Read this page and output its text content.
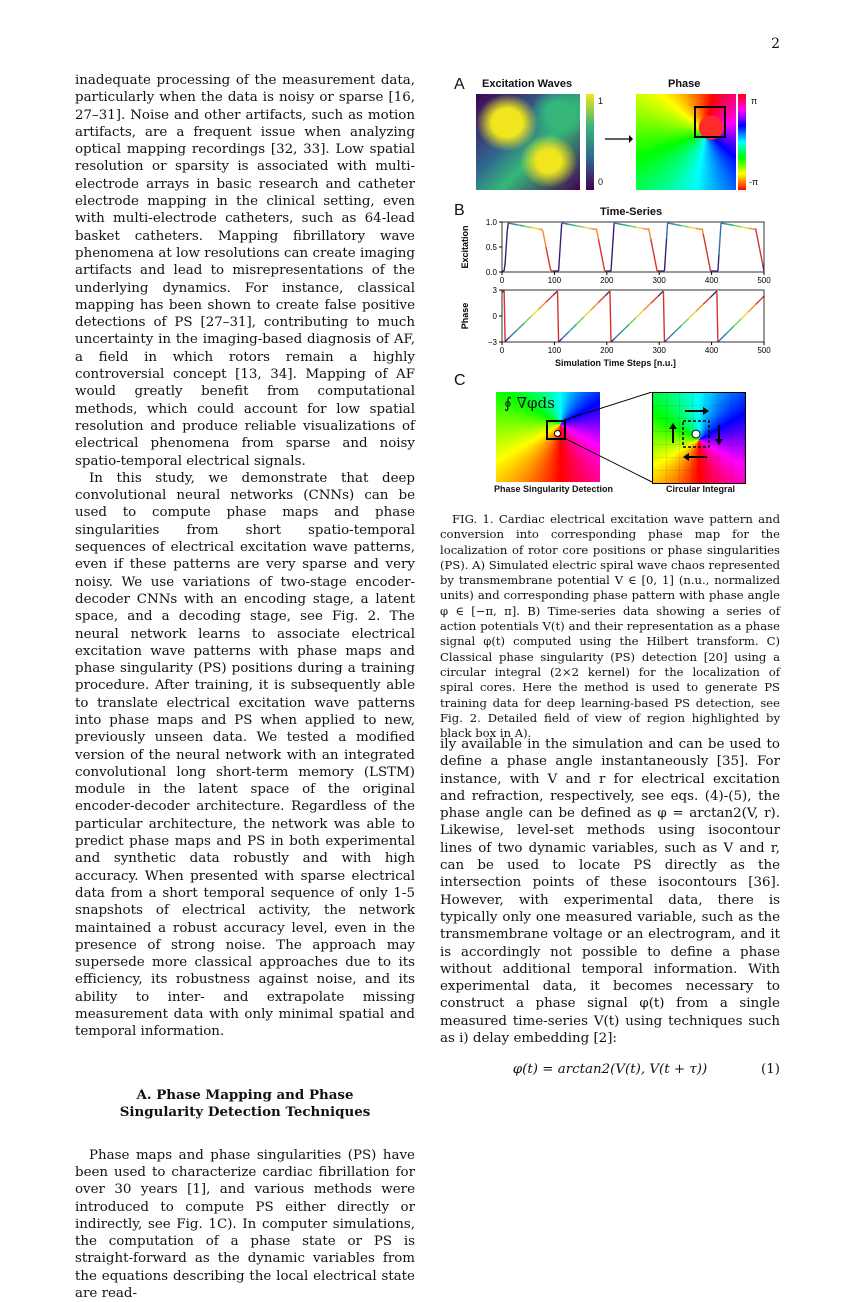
2

inadequate processing of the measurement data, particularly when the data is noisy or sparse [16, 27–31]. Noise and other artifacts, such as motion artifacts, are a frequent issue when analyzing optical mapping recordings [32, 33]. Low spatial resolution or sparsity is associated with multi-electrode arrays in basic research and catheter electrode mapping in the clinical setting, even with multi-electrode catheters, such as 64-lead basket catheters. Mapping fibrillatory wave phenomena at low resolutions can create imaging artifacts and lead to misrepresentations of the underlying dynamics. For instance, classical mapping has been shown to create false positive detections of PS [27–31], contributing to much uncertainty in the imaging-based diagnosis of AF, a field in which rotors remain a highly controversial concept [13, 34]. Mapping of AF would greatly benefit from computational methods, which could account for low spatial resolution and produce reliable visualizations of electrical phenomena from sparse and noisy spatio-temporal electrical signals.

In this study, we demonstrate that deep convolutional neural networks (CNNs) can be used to compute phase maps and phase singularities from short spatio-temporal sequences of electrical excitation wave patterns, even if these patterns are very sparse and very noisy. We use variations of two-stage encoder-decoder CNNs with an encoding stage, a latent space, and a decoding stage, see Fig. 2. The neural network learns to associate electrical excitation wave patterns with phase maps and phase singularity (PS) positions during a training procedure. After training, it is subsequently able to translate electrical excitation wave patterns into phase maps and PS when applied to new, previously unseen data. We tested a modified version of the neural network with an integrated convolutional long short-term memory (LSTM) module in the latent space of the original encoder-decoder architecture. Regardless of the particular architecture, the network was able to predict phase maps and PS in both experimental and synthetic data robustly and with high accuracy. When presented with sparse electrical data from a short temporal sequence of only 1-5 snapshots of electrical activity, the network maintained a robust accuracy level, even in the presence of strong noise. The approach may supersede more classical approaches due to its efficiency, its robustness against noise, and its ability to inter- and extrapolate missing measurement data with only minimal spatial and temporal information.

A. Phase Mapping and Phase Singularity Detection Techniques

Phase maps and phase singularities (PS) have been used to characterize cardiac fibrillation for over 30 years [1], and various methods were introduced to compute PS either directly or indirectly, see Fig. 1C). In computer simulations, the computation of a phase state or PS is straight-forward as the dynamic variables from the equations describing the local electrical state are read-

A Excitation Waves	Phase
1
0
π
-π
B	Time-Series
0	100	200	300	400	500
0.0
0.5
1.0
Excitation
0	100	200	300	400	500
−3
0
3
Phase
Simulation Time Steps [n.u.]
C
∮ ∇φds
Phase Singularity Detection	Circular Integral

FIG. 1. Cardiac electrical excitation wave pattern and conversion into corresponding phase map for the localization of rotor core positions or phase singularities (PS). A) Simulated electric spiral wave chaos represented by transmembrane potential V ∈ [0, 1] (n.u., normalized units) and corresponding phase pattern with phase angle φ ∈ [−π, π]. B) Time-series data showing a series of action potentials V(t) and their representation as a phase signal φ(t) computed using the Hilbert transform. C) Classical phase singularity (PS) detection [20] using a circular integral (2×2 kernel) for the localization of spiral cores. Here the method is used to generate PS training data for deep learning-based PS detection, see Fig. 2. Detailed field of view of region highlighted by black box in A).

ily available in the simulation and can be used to define a phase angle instantaneously [35]. For instance, with V and r for electrical excitation and refraction, respectively, see eqs. (4)-(5), the phase angle can be defined as φ = arctan2(V, r). Likewise, level-set methods using isocontour lines of two dynamic variables, such as V and r, can be used to locate PS directly as the intersection points of these isocontours [36]. However, with experimental data, there is typically only one measured variable, such as the transmembrane voltage or an electrogram, and it is accordingly not possible to define a phase without additional temporal information. With experimental data, it becomes necessary to construct a phase signal φ(t) from a single measured time-series V(t) using techniques such as i) delay embedding [2]:

φ(t) = arctan2(V(t), V(t + τ))	(1)
